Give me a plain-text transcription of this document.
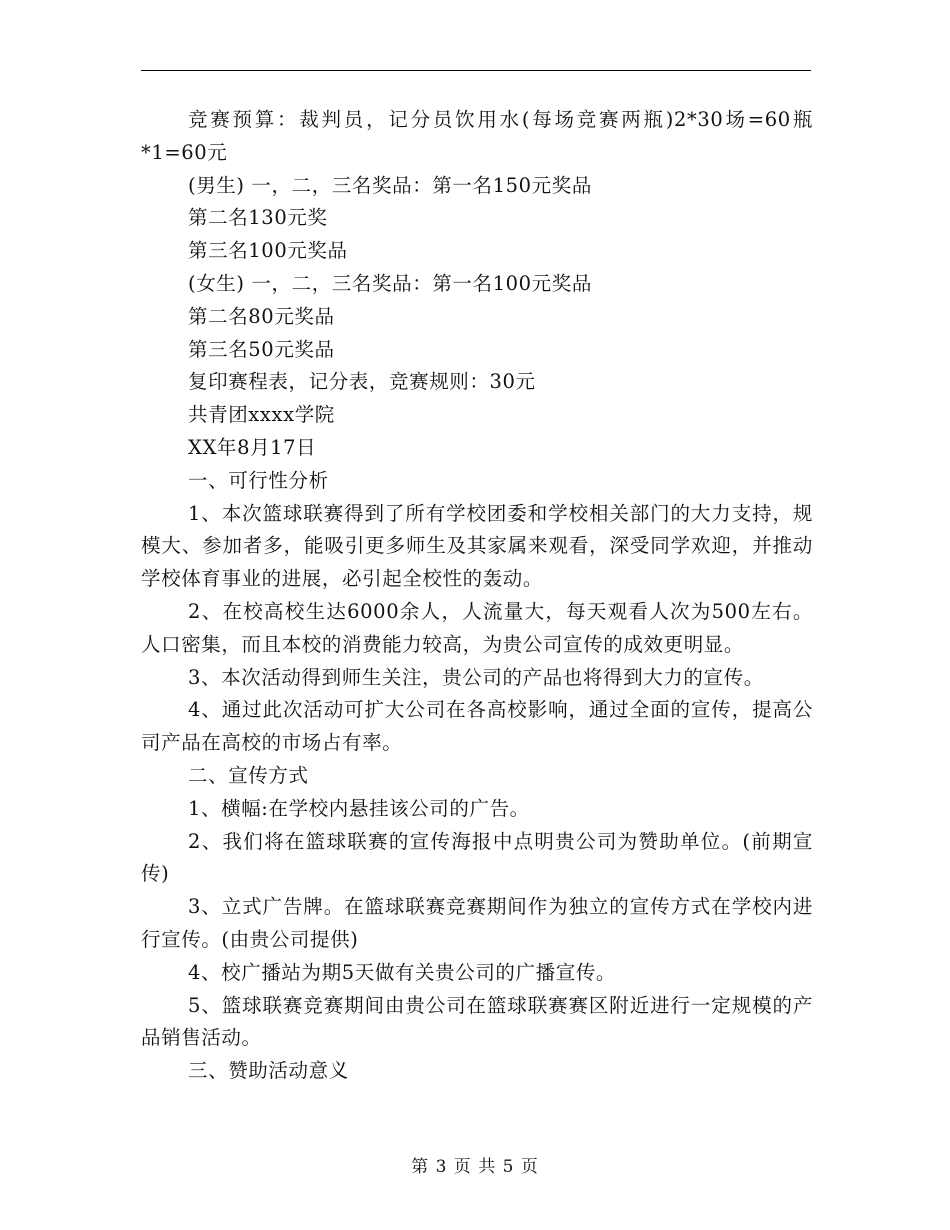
竞赛预算：裁判员，记分员饮用水(每场竞赛两瓶)2*30场=60瓶*1=60元

(男生) 一，二，三名奖品：第一名150元奖品

第二名130元奖

第三名100元奖品

(女生) 一，二，三名奖品：第一名100元奖品

第二名80元奖品

第三名50元奖品

复印赛程表，记分表，竞赛规则：30元

共青团xxxx学院

XX年8月17日

一、可行性分析

1、本次篮球联赛得到了所有学校团委和学校相关部门的大力支持，规模大、参加者多，能吸引更多师生及其家属来观看，深受同学欢迎，并推动学校体育事业的进展，必引起全校性的轰动。

2、在校高校生达6000余人，人流量大，每天观看人次为500左右。人口密集，而且本校的消费能力较高，为贵公司宣传的成效更明显。

3、本次活动得到师生关注，贵公司的产品也将得到大力的宣传。

4、通过此次活动可扩大公司在各高校影响，通过全面的宣传，提高公司产品在高校的市场占有率。

二、宣传方式

1、横幅:在学校内悬挂该公司的广告。

2、我们将在篮球联赛的宣传海报中点明贵公司为赞助单位。(前期宣传)

3、立式广告牌。在篮球联赛竞赛期间作为独立的宣传方式在学校内进行宣传。(由贵公司提供)

4、校广播站为期5天做有关贵公司的广播宣传。

5、篮球联赛竞赛期间由贵公司在篮球联赛赛区附近进行一定规模的产品销售活动。

三、赞助活动意义

第 3 页 共 5 页
